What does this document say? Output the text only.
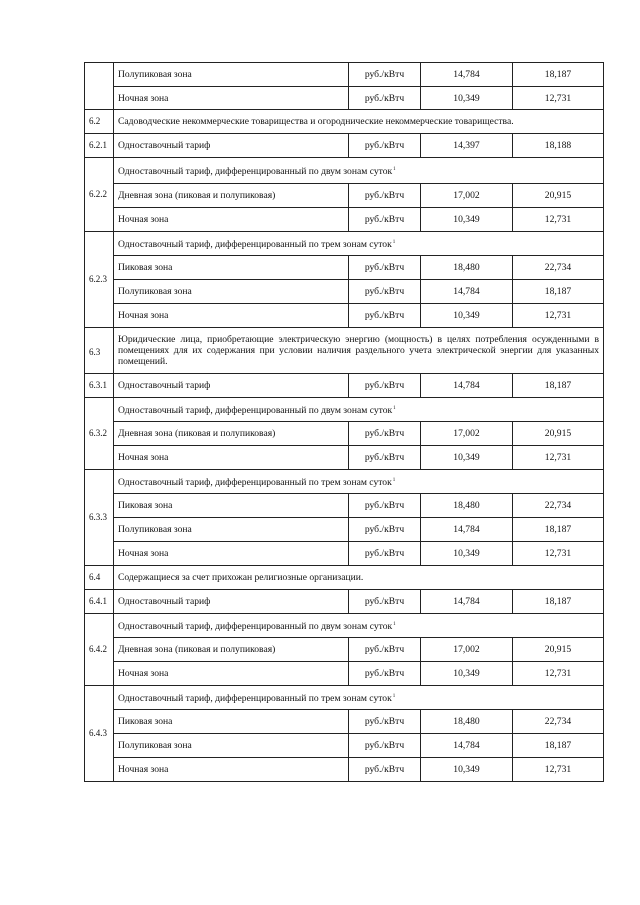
	Полупиковая зона	руб./кВтч	14,784	18,187
	Ночная зона	руб./кВтч	10,349	12,731
6.2	Садоводческие некоммерческие товарищества и огороднические некоммерческие товарищества.			
6.2.1	Одноставочный тариф	руб./кВтч	14,397	18,188
6.2.2	Одноставочный тариф, дифференцированный по двум зонам суток$^1$
	Дневная зона (пиковая и полупиковая)	руб./кВтч	17,002	20,915
	Ночная зона	руб./кВтч	10,349	12,731
6.2.3	Одноставочный тариф, дифференцированный по трем зонам суток$^1$
	Пиковая зона	руб./кВтч	18,480	22,734
	Полупиковая зона	руб./кВтч	14,784	18,187
	Ночная зона	руб./кВтч	10,349	12,731
6.3	Юридические лица, приобретающие электрическую энергию (мощность) в целях потребления осужденными в помещениях для их содержания при условии наличия раздельного учета электрической энергии для указанных помещений.			
6.3.1	Одноставочный тариф	руб./кВтч	14,784	18,187
6.3.2	Одноставочный тариф, дифференцированный по двум зонам суток$^1$
	Дневная зона (пиковая и полупиковая)	руб./кВтч	17,002	20,915
	Ночная зона	руб./кВтч	10,349	12,731
6.3.3	Одноставочный тариф, дифференцированный по трем зонам суток$^1$
	Пиковая зона	руб./кВтч	18,480	22,734
	Полупиковая зона	руб./кВтч	14,784	18,187
	Ночная зона	руб./кВтч	10,349	12,731
6.4	Содержащиеся за счет прихожан религиозные организации.			
6.4.1	Одноставочный тариф	руб./кВтч	14,784	18,187
6.4.2	Одноставочный тариф, дифференцированный по двум зонам суток$^1$
	Дневная зона (пиковая и полупиковая)	руб./кВтч	17,002	20,915
	Ночная зона	руб./кВтч	10,349	12,731
6.4.3	Одноставочный тариф, дифференцированный по трем зонам суток$^1$
	Пиковая зона	руб./кВтч	18,480	22,734
	Полупиковая зона	руб./кВтч	14,784	18,187
	Ночная зона	руб./кВтч	10,349	12,731
